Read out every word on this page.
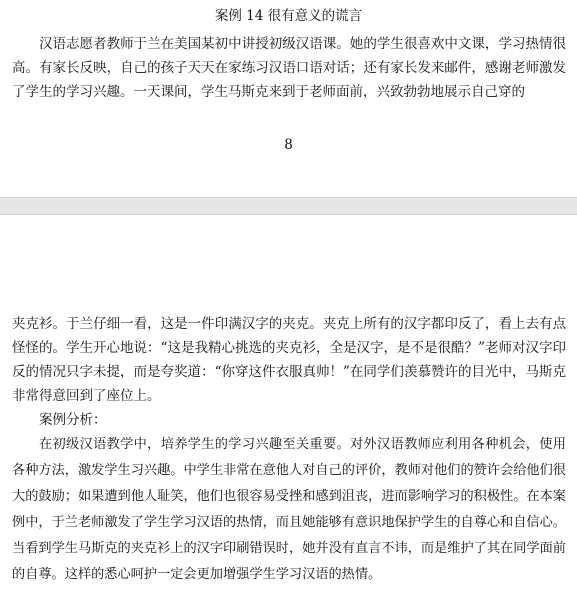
案例 14 很有意义的谎言

汉语志愿者教师于兰在美国某初中讲授初级汉语课。她的学生很喜欢中文课，学习热情很高。有家长反映，自己的孩子天天在家练习汉语口语对话；还有家长发来邮件，感谢老师激发了学生的学习兴趣。一天课间，学生马斯克来到于老师面前，兴致勃勃地展示自己穿的

8

夹克衫。于兰仔细一看，这是一件印满汉字的夹克。夹克上所有的汉字都印反了，看上去有点怪怪的。学生开心地说：“这是我精心挑选的夹克衫，全是汉字，是不是很酷？”老师对汉字印反的情况只字未提，而是夸奖道：“你穿这件衣服真帅！”在同学们羡慕赞许的目光中，马斯克非常得意回到了座位上。

案例分析：

在初级汉语教学中，培养学生的学习兴趣至关重要。对外汉语教师应利用各种机会，使用各种方法，激发学生习兴趣。中学生非常在意他人对自己的评价，教师对他们的赞许会给他们很大的鼓励；如果遭到他人耻笑，他们也很容易受挫和感到沮丧，进而影响学习的积极性。在本案例中，于兰老师激发了学生学习汉语的热情，而且她能够有意识地保护学生的自尊心和自信心。当看到学生马斯克的夹克衫上的汉字印刷错误时，她并没有直言不讳，而是维护了其在同学面前的自尊。这样的悉心呵护一定会更加增强学生学习汉语的热情。
